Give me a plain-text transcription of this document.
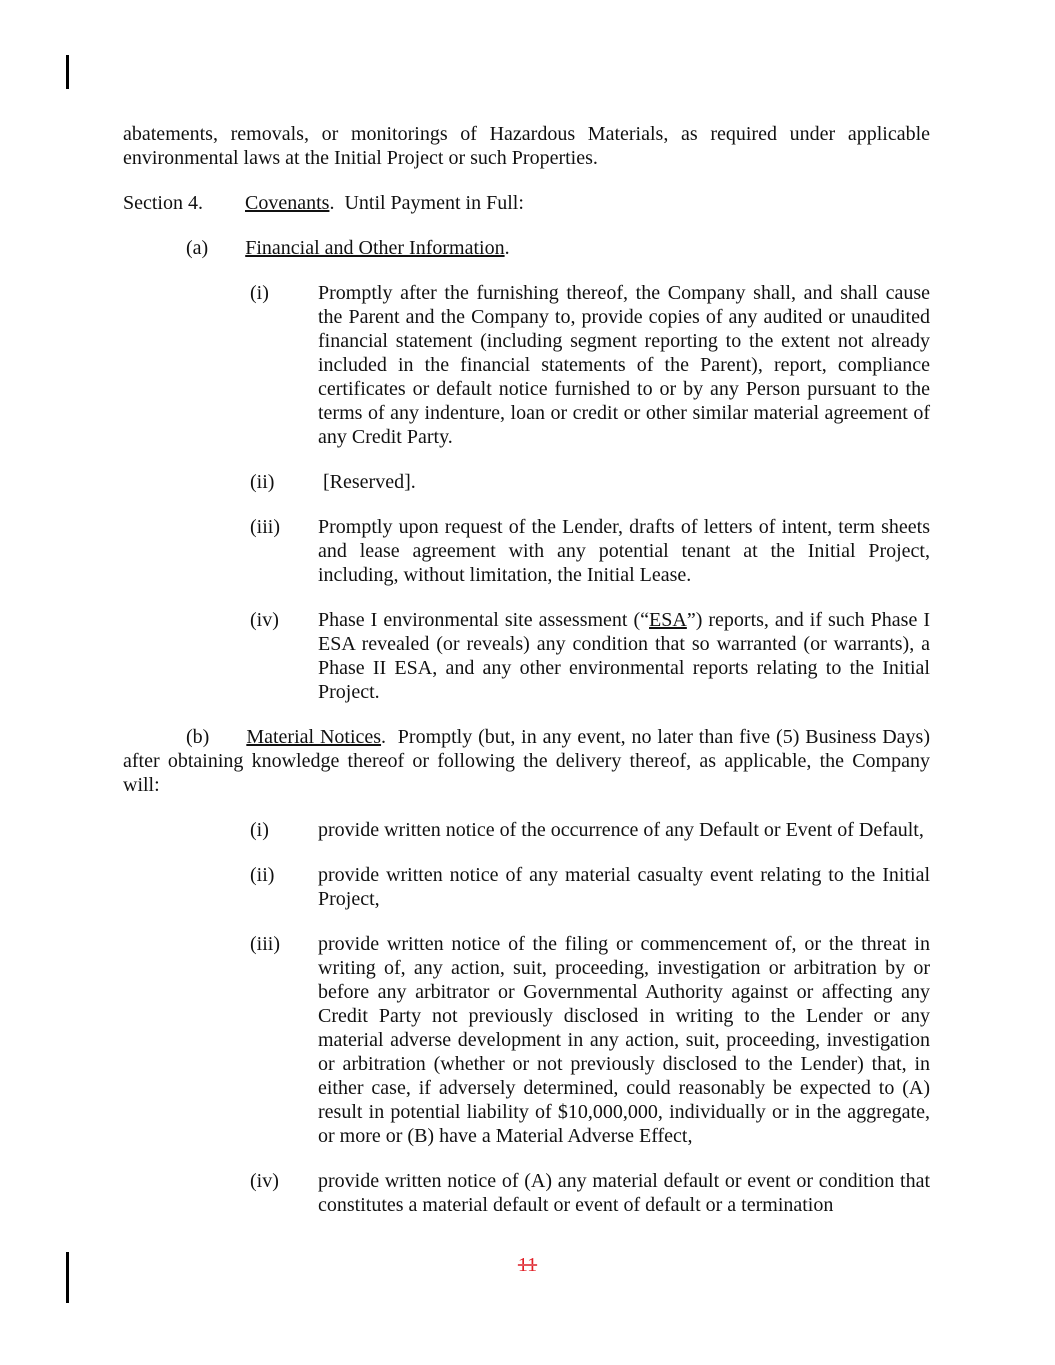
abatements, removals, or monitorings of Hazardous Materials, as required under applicable environmental laws at the Initial Project or such Properties.

Section 4. Covenants.  Until Payment in Full:

(a) Financial and Other Information.

(i)	Promptly after the furnishing thereof, the Company shall, and shall cause the Parent and the Company to, provide copies of any audited or unaudited financial statement (including segment reporting to the extent not already included in the financial statements of the Parent), report, compliance certificates or default notice furnished to or by any Person pursuant to the terms of any indenture, loan or credit or other similar material agreement of any Credit Party.
(ii)	[Reserved].
(iii)	Promptly upon request of the Lender, drafts of letters of intent, term sheets and lease agreement with any potential tenant at the Initial Project, including, without limitation, the Initial Lease.
(iv)	Phase I environmental site assessment (“ESA”) reports, and if such Phase I ESA revealed (or reveals) any condition that so warranted (or warrants), a Phase II ESA, and any other environmental reports relating to the Initial Project.

(b) Material Notices.  Promptly (but, in any event, no later than five (5) Business Days) after obtaining knowledge thereof or following the delivery thereof, as applicable, the Company will:

(i)	provide written notice of the occurrence of any Default or Event of Default,
(ii)	provide written notice of any material casualty event relating to the Initial Project,
(iii)	provide written notice of the filing or commencement of, or the threat in writing of, any action, suit, proceeding, investigation or arbitration by or before any arbitrator or Governmental Authority against or affecting any Credit Party not previously disclosed in writing to the Lender or any material adverse development in any action, suit, proceeding, investigation or arbitration (whether or not previously disclosed to the Lender) that, in either case, if adversely determined, could reasonably be expected to (A) result in potential liability of $10,000,000, individually or in the aggregate, or more or (B) have a Material Adverse Effect,
(iv)	provide written notice of (A) any material default or event or condition that constitutes a material default or event of default or a termination
11
